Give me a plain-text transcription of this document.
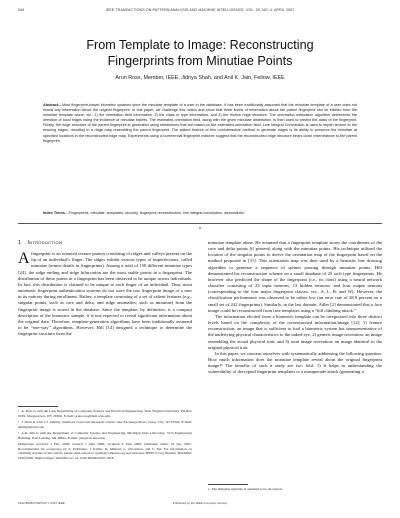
544	IEEE TRANSACTIONS ON PATTERN ANALYSIS AND MACHINE INTELLIGENCE, VOL. 29, NO. 4, APRIL 2007
From Template to Image: Reconstructing
Fingerprints from Minutiae Points
Arun Ross, Member, IEEE, Jidnya Shah, and Anil K. Jain, Fellow, IEEE
Abstract—Most fingerprint-based biometric systems store the minutiae template of a user in the database. It has been traditionally assumed that the minutiae template of a user does not reveal any information about the original fingerprint. In this paper, we challenge this notion and show that three levels of information about the parent fingerprint can be elicited from the minutiae template alone, viz., 1) the orientation field information, 2) the class or type information, and 3) the friction ridge structure. The orientation estimation algorithm determines the direction of local ridges using the evidence of minutiae triplets. The estimated orientation field, along with the given minutiae distribution, is then used to predict the class of the fingerprint. Finally, the ridge structure of the parent fingerprint is generated using streamlines that are based on the estimated orientation field. Line Integral Convolution is used to impart texture to the ensuing ridges, resulting in a ridge map resembling the parent fingerprint. The salient feature of this noninteractive method to generate ridges is its ability to preserve the minutiae at specified locations in the reconstructed ridge map. Experiments using a commercial fingerprint matcher suggest that the reconstructed ridge structure bears close resemblance to the parent fingerprint.
Index Terms—Fingerprints, minutiae, templates, security, fingerprint reconstruction, line integral convolution, streamlines.
♦
1 Introduction

Afingerprint is an oriented texture pattern consisting of ridges and valleys present on the tip of an individual's finger. The ridges exhibit various types of imperfections, called minutiae (minor details in fingerprints). Among a total of 150 different minutiae types [24], the ridge ending and ridge bifurcation are the most stable points in a fingerprint. The distribution of these points in a fingerprint has been observed to be unique across individuals. In fact, this distribution is claimed to be unique to each finger of an individual. Thus, most automatic fingerprint authentication systems do not store the raw fingerprint image of a user in its entirety during enrollment. Rather, a template consisting of a set of salient features (e.g., singular points, such as core and delta, and ridge anomalies, such as minutiae) from the fingerprint image is stored in the database. Since the template, by definition, is a compact description of the biometric sample, it is not expected to reveal significant information about the original data. Therefore, template-generation algorithms have been traditionally assumed to be “one-way” algorithms. However, Hill [14] designed a technique to determine the fingerprint structure from the

• A. Ross is with the Lane Department of Computer Science and Electrical Engineering, West Virginia University, PO Box 6109, Morgantown, WV 26506. E-mail: arun.ross@mail.wvu.edu.

• J. Shah is with L-1 Identity Solutions Corporate Research Center, One Exchange Place, Jersey City, NJ 07302. E-mail: jshah@gmail.com.

• A.K. Jain is with the Department of Computer Science and Engineering, Michigan State University, 3115 Engineering Building, East Lansing, MI 48824. E-mail: jain@cse.msu.edu.

Manuscript received 1 Feb. 2006; revised 7 June 2006; accepted 9 June 2006; published online 18 Jan. 2007. Recommended for acceptance by S. Prabhakar, J. Kittler, D. Maltoni, L. O'Gorman, and T. Tan. For information on obtaining reprints of this article, please send e-mail to: tpami@computer.org and reference IEEECS Log Number TPAMISI-0109-0206. Digital Object Identifier no. 10.1109/TPAMI.2007.1018.

minutiae template alone. He assumed that a fingerprint template stores the coordinates of the core and delta points (if present) along with the minutiae points. His technique utilized the location of the singular points to derive the orientation map of the fingerprint based on the method proposed in [31]. This orientation map was then used by a heuristic line drawing algorithm to generate a sequence of splines passing through minutiae points. Hill demonstrated his reconstruction scheme on a small database of 25 arch type fingerprints. He however also predicted the shape of the fingerprint (i.e., its class) using a neural network classifier consisting of 23 input neurons, 13 hidden neurons, and four output neurons (corresponding to the four major fingerprint classes, viz., A, L, R, and W). However, the classification performance was observed to be rather low (an error rate of 28.9 percent on a small set of 242 fingerprints). Similarly, in the last domain, Adler [2] demonstrated that a face image could be reconstructed from face templates using a “hill climbing attack.”

The information elicited from a biometric template can be categorized into three distinct levels based on the complexity of the reconstructed information/image [12]: 1) feature reconstruction: an image that is sufficient to fool a biometric system but unrepresentative of the underlying physical characteristics to the naked eye, 2) generic image recreation: an image resembling the actual physical trait, and 3) total image recreation: an image identical to the original physical trait.

In this paper, we concern ourselves with systematically addressing the following question: How much information does the minutiae template reveal about the original fingerprint image?¹ The benefits of such a study are two fold: 1) It helps in understanding the vulnerability of decrypted fingerprint templates to a masquerade attack (generating a

1. The minutiae template is assumed to be decrypted.
0162-8828/07/$25.00 © 2007 IEEE	Published by the IEEE Computer Society
